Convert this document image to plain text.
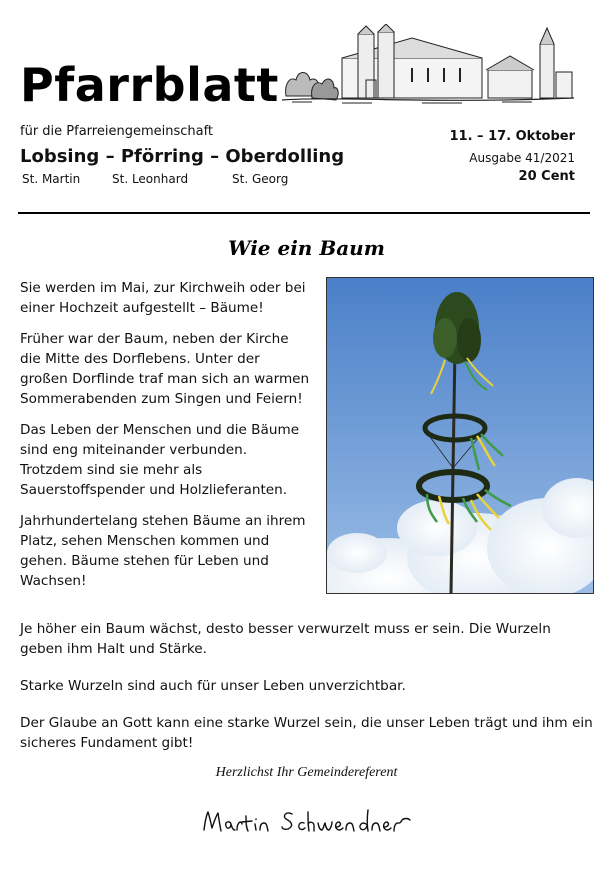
Pfarrblatt
für die Pfarreiengemeinschaft
Lobsing – Pförring – Oberdolling
St. Martin	St. Leonhard	St. Georg
11. – 17. Oktober
Ausgabe 41/2021
20 Cent
Wie ein Baum

Sie werden im Mai, zur Kirchweih oder bei einer Hochzeit aufgestellt – Bäume!

Früher war der Baum, neben der Kirche die Mitte des Dorflebens. Unter der großen Dorflinde traf man sich an warmen Sommerabenden zum Singen und Feiern!

Das Leben der Menschen und die Bäume sind eng miteinander verbunden. Trotzdem sind sie mehr als Sauerstoffspender und Holzlieferanten.

Jahrhundertelang stehen Bäume an ihrem Platz, sehen Menschen kommen und gehen. Bäume stehen für Leben und Wachsen!

Je höher ein Baum wächst, desto besser verwurzelt muss er sein. Die Wurzeln geben ihm Halt und Stärke.

Starke Wurzeln sind auch für unser Leben unverzichtbar.

Der Glaube an Gott kann eine starke Wurzel sein, die unser Leben trägt und ihm ein sicheres Fundament gibt!

Herzlichst Ihr Gemeindereferent
